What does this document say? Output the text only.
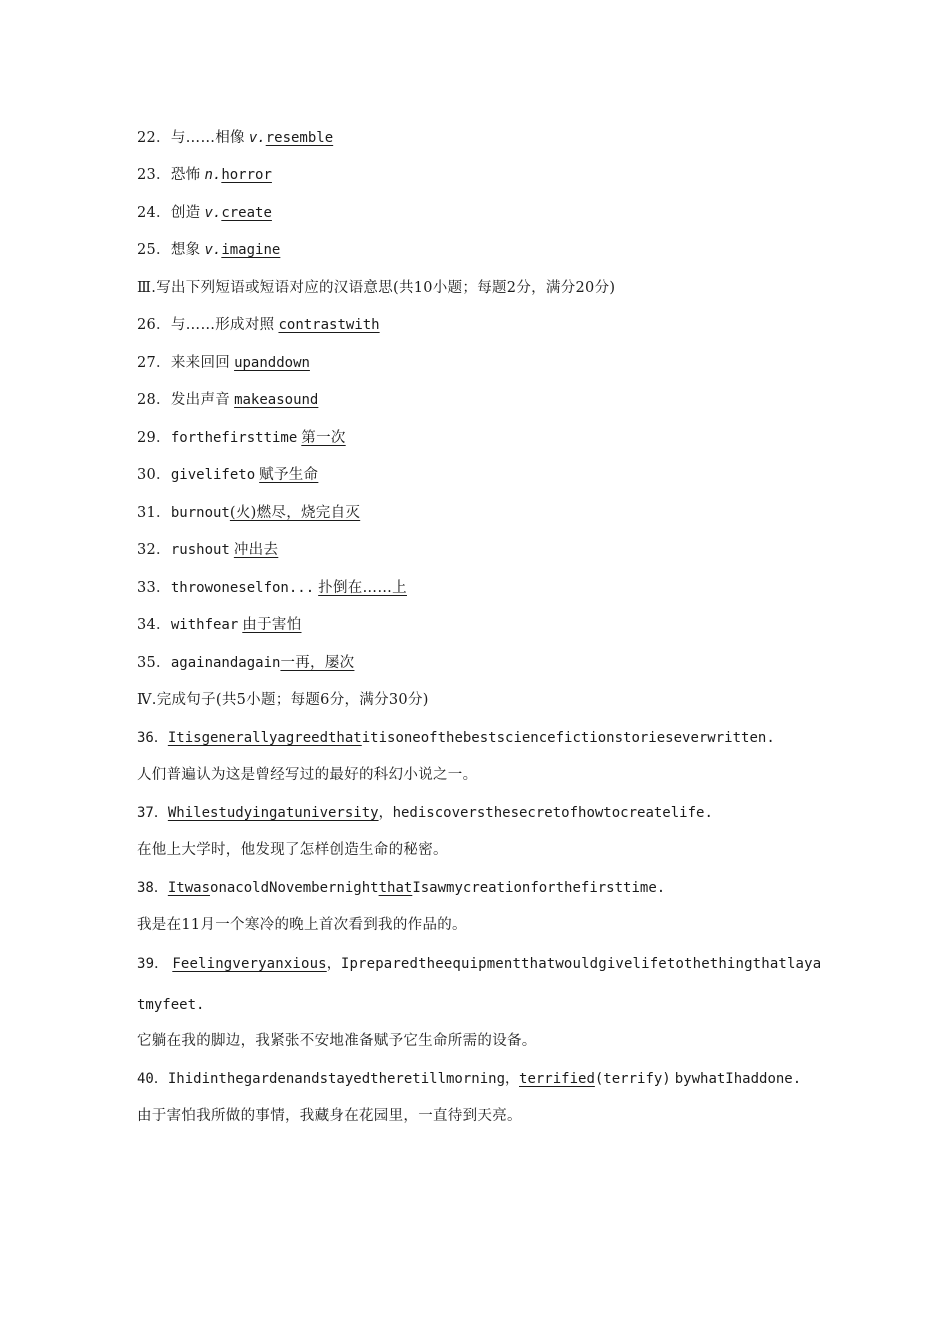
22．与……相像 v.resemble
23．恐怖 n.horror
24．创造 v.create
25．想象 v.imagine
Ⅲ.写出下列短语或短语对应的汉语意思(共10小题；每题2分，满分20分)
26．与……形成对照 contrastwith
27．来来回回 upanddown
28．发出声音 makeasound
29．forthefirsttime 第一次
30．givelifeto 赋予生命
31．burnout(火)燃尽，烧完自灭
32．rushout 冲出去
33．throwoneselfon... 扑倒在……上
34．withfear 由于害怕
35．againandagain一再，屡次
Ⅳ.完成句子(共5小题；每题6分，满分30分)
36．Itisgenerallyagreedthatitisoneofthebestsciencefictionstorieseverwritten.
人们普遍认为这是曾经写过的最好的科幻小说之一。
37．Whilestudyingatuniversity，hediscoversthesecretofhowtocreatelife.
在他上大学时，他发现了怎样创造生命的秘密。
38．ItwasonacoldNovembernightthatIsawmycreationforthefirsttime.
我是在11月一个寒冷的晚上首次看到我的作品的。
39． Feelingveryanxious，Ipreparedtheequipmentthatwouldgivelifetothethingthatlaya
tmyfeet.
它躺在我的脚边，我紧张不安地准备赋予它生命所需的设备。
40．Ihidinthegardenandstayedtheretillmorning，terrified(terrify) bywhatIhaddone.
由于害怕我所做的事情，我藏身在花园里，一直待到天亮。
